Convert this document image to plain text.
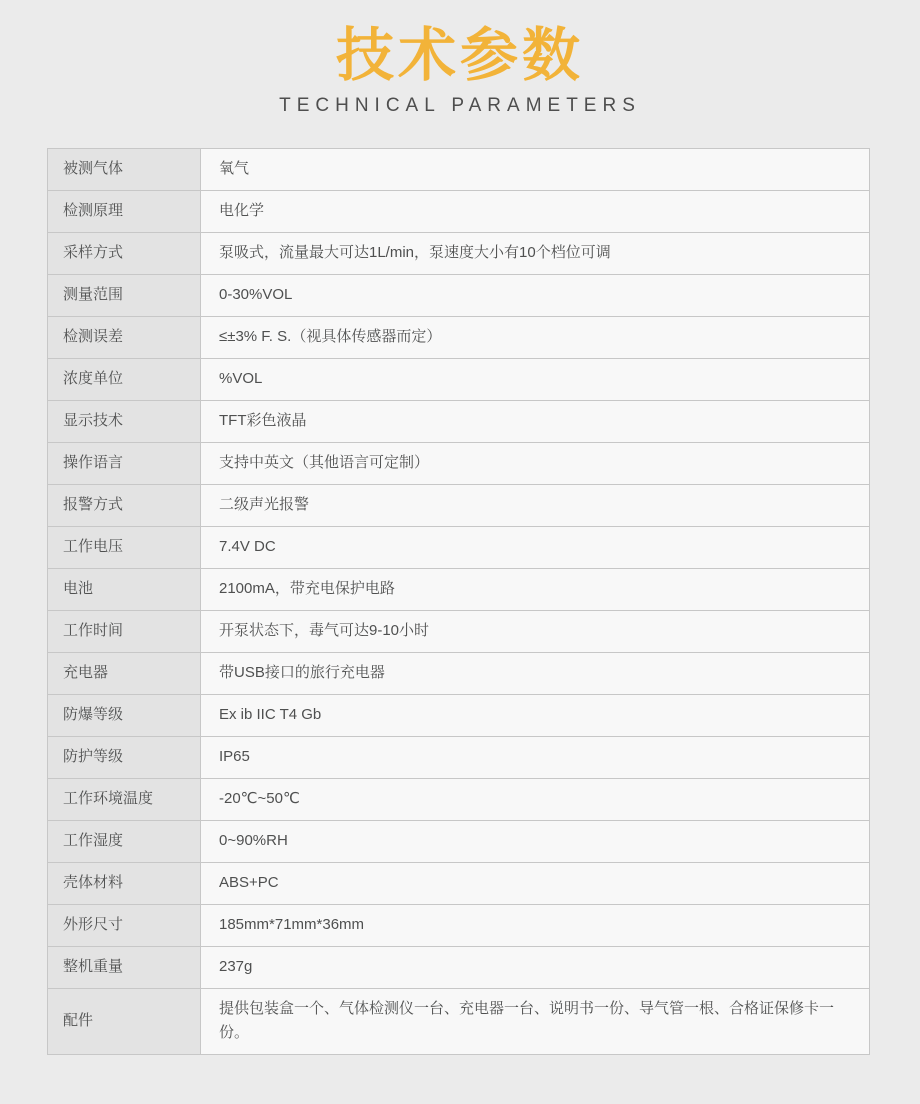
技术参数
TECHNICAL PARAMETERS
被测气体	氧气
检测原理	电化学
采样方式	泵吸式，流量最大可达1L/min，泵速度大小有10个档位可调
测量范围	0-30%VOL
检测误差	≤±3% F. S.（视具体传感器而定）
浓度单位	%VOL
显示技术	TFT彩色液晶
操作语言	支持中英文（其他语言可定制）
报警方式	二级声光报警
工作电压	7.4V DC
电池	2100mA，带充电保护电路
工作时间	开泵状态下，毒气可达9-10小时
充电器	带USB接口的旅行充电器
防爆等级	Ex ib IIC T4 Gb
防护等级	IP65
工作环境温度	-20℃~50℃
工作湿度	0~90%RH
壳体材料	ABS+PC
外形尺寸	185mm*71mm*36mm
整机重量	237g
配件	提供包装盒一个、气体检测仪一台、充电器一台、说明书一份、导气管一根、合格证保修卡一份。
